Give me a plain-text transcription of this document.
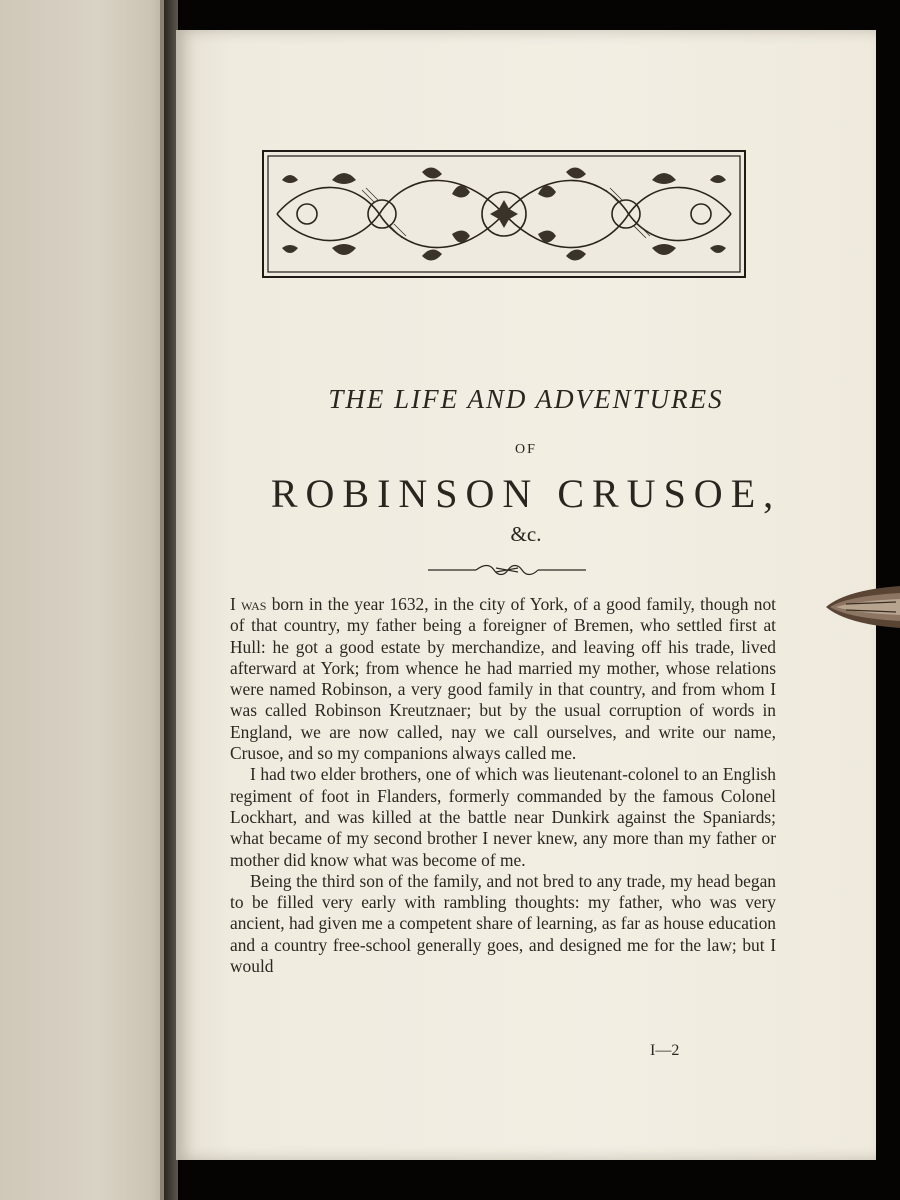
THE LIFE AND ADVENTURES
OF
ROBINSON CRUSOE,
&c.

I was born in the year 1632, in the city of York, of a good family, though not of that country, my father being a foreigner of Bremen, who settled first at Hull: he got a good estate by merchandize, and leaving off his trade, lived afterward at York; from whence he had married my mother, whose relations were named Robinson, a very good family in that country, and from whom I was called Robinson Kreutznaer; but by the usual corruption of words in England, we are now called, nay we call ourselves, and write our name, Crusoe, and so my companions always called me.

I had two elder brothers, one of which was lieutenant-colonel to an English regiment of foot in Flanders, formerly commanded by the famous Colonel Lockhart, and was killed at the battle near Dunkirk against the Spaniards; what became of my second brother I never knew, any more than my father or mother did know what was become of me.

Being the third son of the family, and not bred to any trade, my head began to be filled very early with rambling thoughts: my father, who was very ancient, had given me a competent share of learning, as far as house education and a country free-school generally goes, and designed me for the law; but I would

I—2
